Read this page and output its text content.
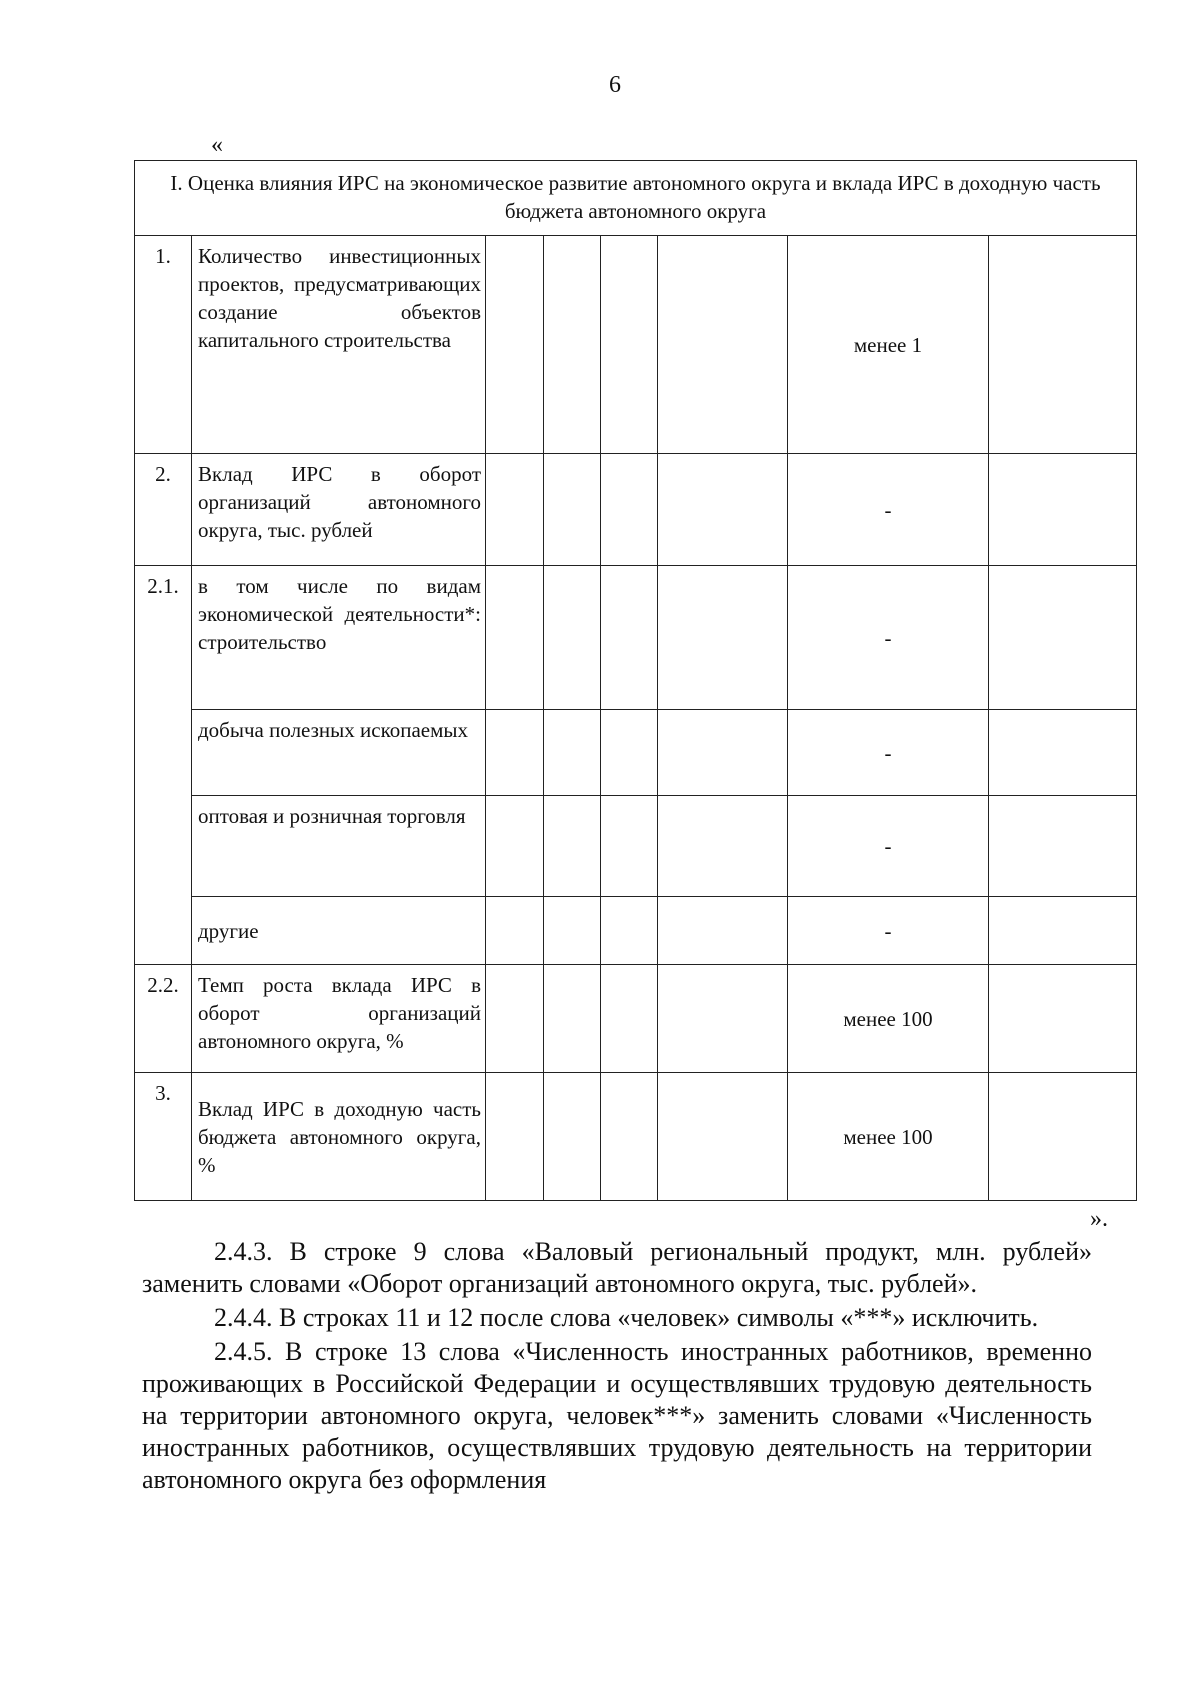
6
«
I. Оценка влияния ИРС на экономическое развитие автономного округа и вклада ИРС в доходную часть бюджета автономного округа							
1.	Количество инвестиционных проектов, предусматривающих создание объектов капитального строительства					менее 1	
2.	Вклад ИРС в оборот организаций автономного округа, тыс. рублей					-	
2.1.	в том числе по видам экономической деятельности*: строительство					-	
	добыча полезных ископаемых					-	
	оптовая и розничная торговля					-	
	другие					-	
2.2.	Темп роста вклада ИРС в оборот организаций автономного округа, %					менее 100	
3.	Вклад ИРС в доходную часть бюджета автономного округа, %					менее 100	
».

2.4.3. В строке 9 слова «Валовый региональный продукт, млн. рублей» заменить словами «Оборот организаций автономного округа, тыс. рублей».

2.4.4. В строках 11 и 12 после слова «человек» символы «***» исключить.

2.4.5. В строке 13 слова «Численность иностранных работников, временно проживающих в Российской Федерации и осуществлявших трудовую деятельность на территории автономного округа, человек***» заменить словами «Численность иностранных работников, осуществлявших трудовую деятельность на территории автономного округа без оформления
